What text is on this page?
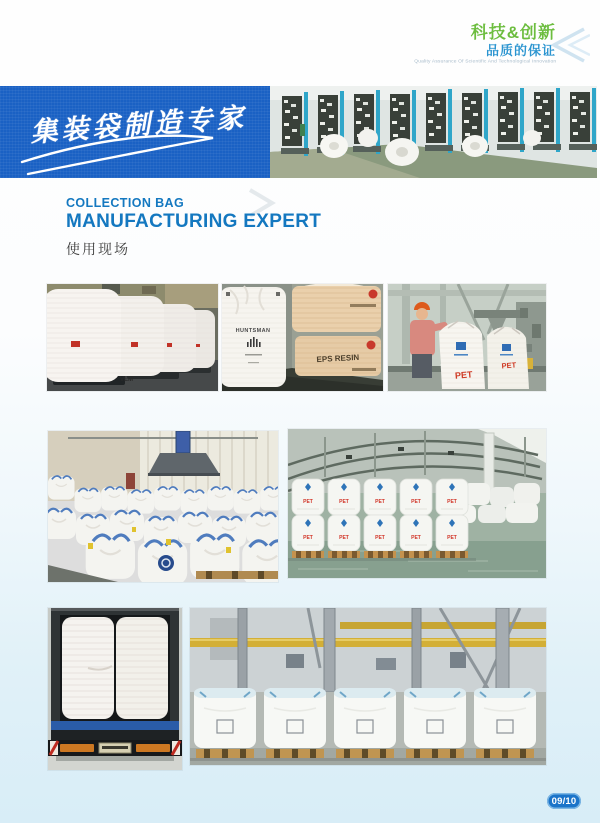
科技&创新
品质的保证
Quality Assurance Of Scientific And Technological Innovation
集装袋制造专家
COLLECTION BAG
MANUFACTURING EXPERT
使用现场
VEM
EPS RESIN
HUNTSMAN
PET
PET
09/10
